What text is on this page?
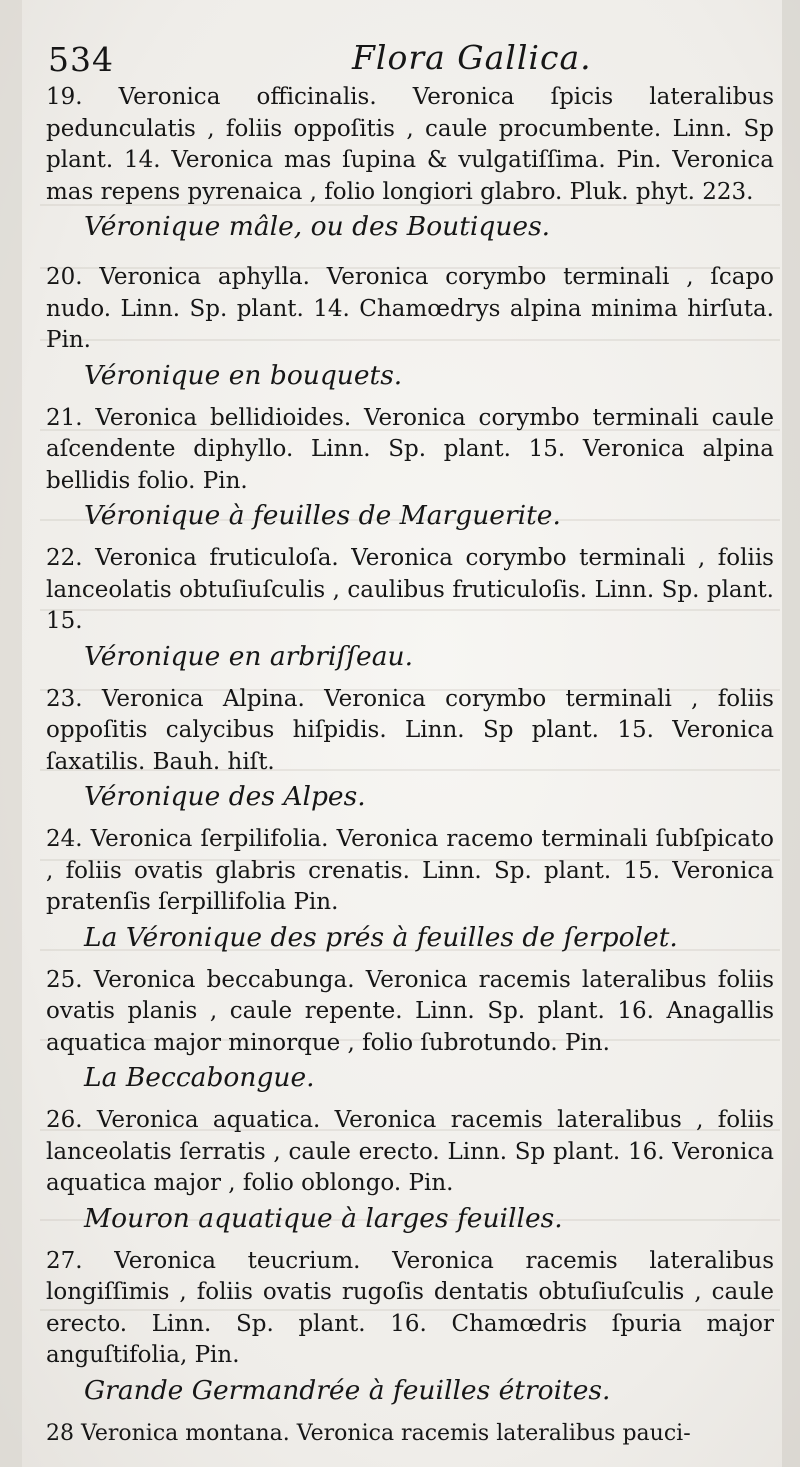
534	Flora Gallica.
19. Veronica officinalis. Veronica ſpicis lateralibus pedunculatis , foliis oppoſitis , caule procumbente. Linn. Sp plant. 14. Veronica mas ſupina & vulgatiſſima. Pin. Veronica mas repens pyrenaica , folio longiori glabro. Pluk. phyt. 223.
Véronique mâle, ou des Boutiques.
20. Veronica aphylla. Veronica corymbo terminali , ſcapo nudo. Linn. Sp. plant. 14. Chamœdrys alpina minima hirſuta. Pin.
Véronique en bouquets.
21. Veronica bellidioides. Veronica corymbo terminali caule aſcendente diphyllo. Linn. Sp. plant. 15. Veronica alpina bellidis folio. Pin.
Véronique à feuilles de Marguerite.
22. Veronica fruticuloſa. Veronica corymbo terminali , foliis lanceolatis obtuſiuſculis , caulibus fruticuloſis. Linn. Sp. plant. 15.
Véronique en arbriſſeau.
23. Veronica Alpina. Veronica corymbo terminali , foliis oppoſitis calycibus hiſpidis. Linn. Sp plant. 15. Veronica ſaxatilis. Bauh. hiſt.
Véronique des Alpes.
24. Veronica ſerpilifolia. Veronica racemo terminali ſubſpicato , foliis ovatis glabris crenatis. Linn. Sp. plant. 15. Veronica pratenſis ſerpillifolia Pin.
La Véronique des prés à feuilles de ſerpolet.
25. Veronica beccabunga. Veronica racemis lateralibus foliis ovatis planis , caule repente. Linn. Sp. plant. 16. Anagallis aquatica major minorque , folio ſubrotundo. Pin.
La Beccabongue.
26. Veronica aquatica. Veronica racemis lateralibus , foliis lanceolatis ſerratis , caule erecto. Linn. Sp plant. 16. Veronica aquatica major , folio oblongo. Pin.
Mouron aquatique à larges feuilles.
27. Veronica teucrium. Veronica racemis lateralibus longiſſimis , foliis ovatis rugoſis dentatis obtuſiuſculis , caule erecto. Linn. Sp. plant. 16. Chamœdris ſpuria major anguſtifolia, Pin.
Grande Germandrée à feuilles étroites.
28 Veronica montana. Veronica racemis lateralibus pauci-
